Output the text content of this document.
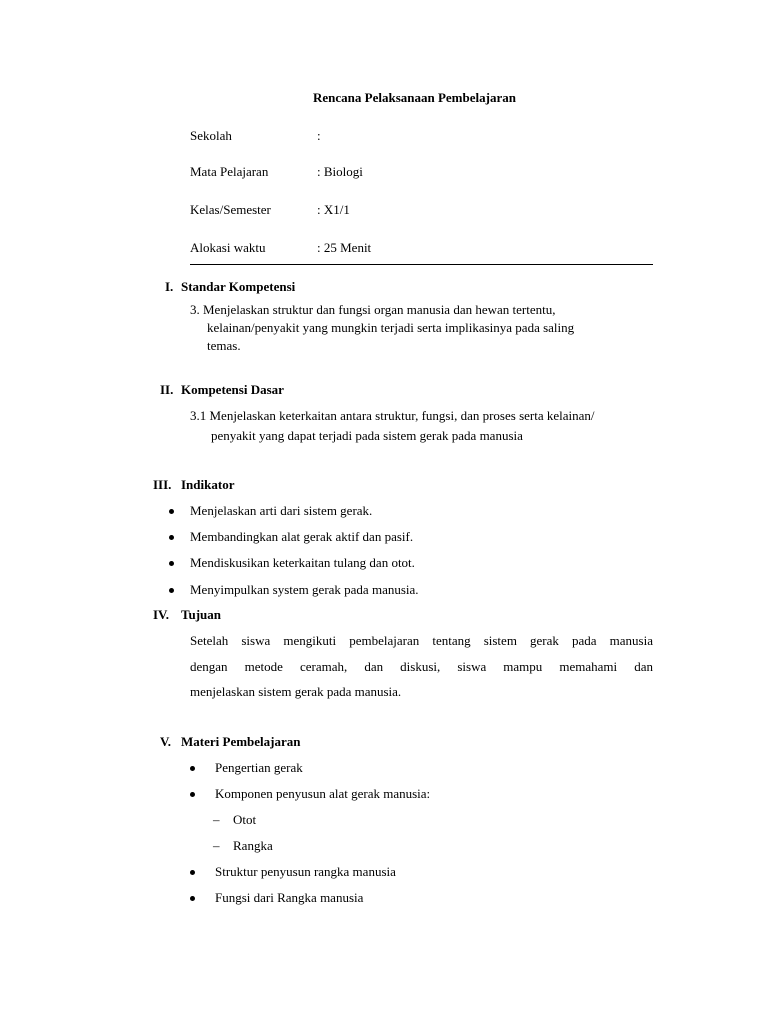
Rencana Pelaksanaan Pembelajaran
Sekolah	:
Mata Pelajaran	: Biologi
Kelas/Semester	: X1/1
Alokasi waktu	: 25 Menit
I. Standar Kompetensi
3. Menjelaskan struktur dan fungsi organ manusia dan hewan tertentu,
kelainan/penyakit yang mungkin terjadi serta implikasinya pada saling
temas.
II. Kompetensi Dasar
3.1 Menjelaskan keterkaitan antara struktur, fungsi, dan proses serta kelainan/
penyakit yang dapat terjadi pada sistem gerak pada manusia
III. Indikator
Menjelaskan arti dari sistem gerak.
Membandingkan alat gerak aktif dan pasif.
Mendiskusikan keterkaitan tulang dan otot.
Menyimpulkan system gerak pada manusia.
IV. Tujuan
Setelah siswa mengikuti pembelajaran tentang sistem gerak pada manusia
dengan metode ceramah, dan diskusi, siswa mampu memahami dan
menjelaskan sistem gerak pada manusia.
V. Materi Pembelajaran
Pengertian gerak
Komponen penyusun alat gerak manusia:
– Otot
– Rangka
Struktur penyusun rangka manusia
Fungsi dari Rangka manusia
